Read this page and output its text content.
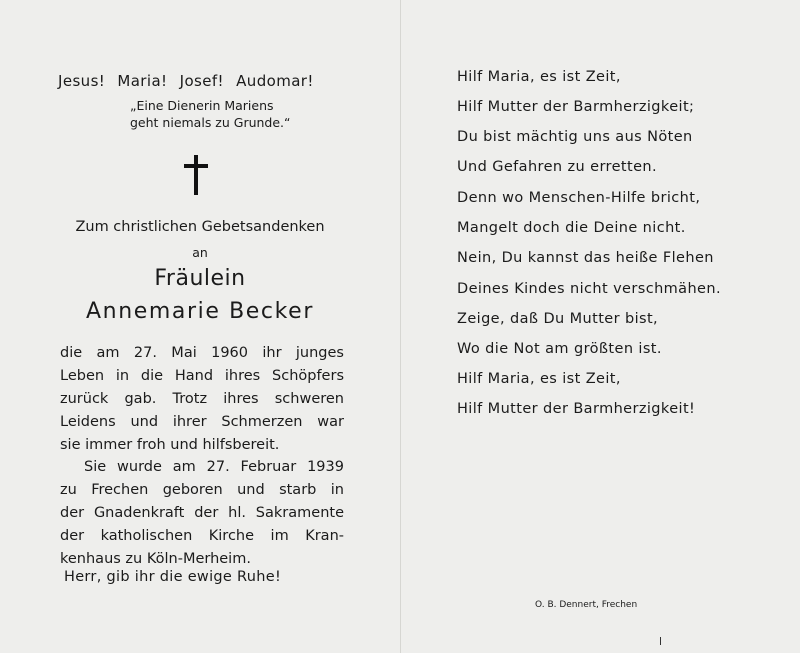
Jesus! Maria! Josef! Audomar!
„Eine Dienerin Mariens
geht niemals zu Grunde.“
Zum christlichen Gebetsandenken
an
Fräulein
Annemarie Becker
die am 27. Mai 1960 ihr junges
Leben in die Hand ihres Schöpfers
zurück gab. Trotz ihres schweren
Leidens und ihrer Schmerzen war
sie immer froh und hilfsbereit.
Sie wurde am 27. Februar 1939
zu Frechen geboren und starb in
der Gnadenkraft der hl. Sakramente
der katholischen Kirche im Kran-
kenhaus zu Köln-Merheim.
Herr, gib ihr die ewige Ruhe!
Hilf Maria, es ist Zeit,
Hilf Mutter der Barmherzigkeit;
Du bist mächtig uns aus Nöten
Und Gefahren zu erretten.
Denn wo Menschen-Hilfe bricht,
Mangelt doch die Deine nicht.
Nein, Du kannst das heiße Flehen
Deines Kindes nicht verschmähen.
Zeige, daß Du Mutter bist,
Wo die Not am größten ist.
Hilf Maria, es ist Zeit,
Hilf Mutter der Barmherzigkeit!
O. B. Dennert, Frechen
